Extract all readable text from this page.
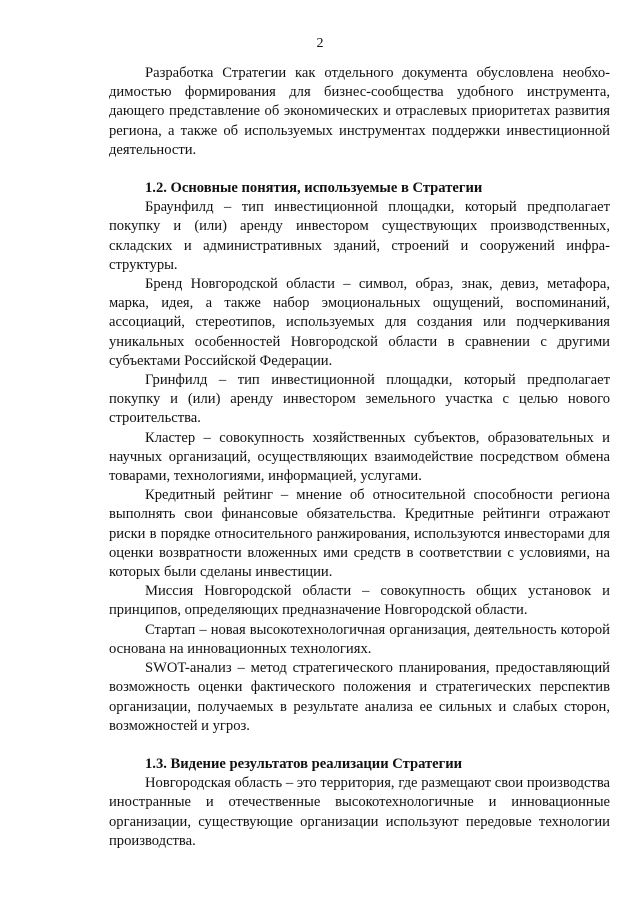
2

Разработка Стратегии как отдельного документа обусловлена необходимостью формирования для бизнес-сообщества удобного инструмента, дающего представление об экономических и отраслевых приоритетах развития региона, а также об используемых инструментах поддержки инвестиционной деятельности.

1.2. Основные понятия, используемые в Стратегии

Браунфилд – тип инвестиционной площадки, который предполагает покупку и (или) аренду инвестором существующих производственных, складских и административных зданий, строений и сооружений инфраструктуры.

Бренд Новгородской области – символ, образ, знак, девиз, метафора, марка, идея, а также набор эмоциональных ощущений, воспоминаний, ассоциаций, стереотипов, используемых для создания или подчеркивания уникальных особенностей Новгородской области в сравнении с другими субъектами Российской Федерации.

Гринфилд – тип инвестиционной площадки, который предполагает покупку и (или) аренду инвестором земельного участка с целью нового строительства.

Кластер – совокупность хозяйственных субъектов, образовательных и научных организаций, осуществляющих взаимодействие посредством обмена товарами, технологиями, информацией, услугами.

Кредитный рейтинг – мнение об относительной способности региона выполнять свои финансовые обязательства. Кредитные рейтинги отражают риски в порядке относительного ранжирования, используются инвесторами для оценки возвратности вложенных ими средств в соответствии с условиями, на которых были сделаны инвестиции.

Миссия Новгородской области – совокупность общих установок и принципов, определяющих предназначение Новгородской области.

Стартап – новая высокотехнологичная организация, деятельность которой основана на инновационных технологиях.

SWOT-анализ – метод стратегического планирования, предоставляющий возможность оценки фактического положения и стратегических перспектив организации, получаемых в результате анализа ее сильных и слабых сторон, возможностей и угроз.

1.3. Видение результатов реализации Стратегии

Новгородская область – это территория, где размещают свои производства иностранные и отечественные высокотехнологичные и инновационные организации, существующие организации используют передовые технологии производства.
